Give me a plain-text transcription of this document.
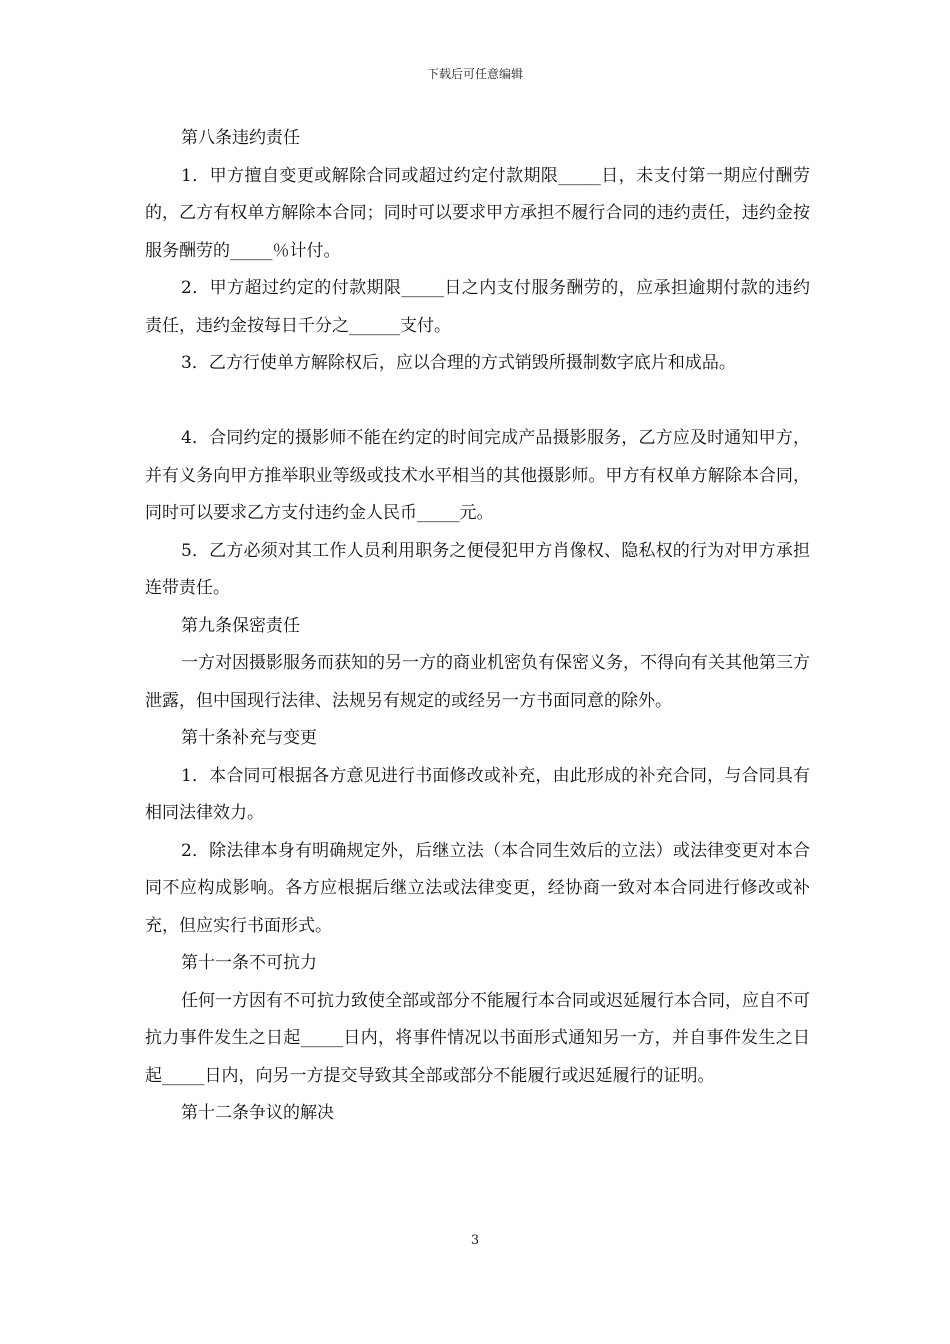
下载后可任意编辑

第八条违约责任

1．甲方擅自变更或解除合同或超过约定付款期限_____日，未支付第一期应付酬劳的，乙方有权单方解除本合同；同时可以要求甲方承担不履行合同的违约责任，违约金按服务酬劳的_____％计付。

2．甲方超过约定的付款期限_____日之内支付服务酬劳的，应承担逾期付款的违约责任，违约金按每日千分之______支付。

3．乙方行使单方解除权后，应以合理的方式销毁所摄制数字底片和成品。

4．合同约定的摄影师不能在约定的时间完成产品摄影服务，乙方应及时通知甲方，并有义务向甲方推举职业等级或技术水平相当的其他摄影师。甲方有权单方解除本合同，同时可以要求乙方支付违约金人民币_____元。

5．乙方必须对其工作人员利用职务之便侵犯甲方肖像权、隐私权的行为对甲方承担连带责任。

第九条保密责任

一方对因摄影服务而获知的另一方的商业机密负有保密义务，不得向有关其他第三方泄露，但中国现行法律、法规另有规定的或经另一方书面同意的除外。

第十条补充与变更

1．本合同可根据各方意见进行书面修改或补充，由此形成的补充合同，与合同具有相同法律效力。

2．除法律本身有明确规定外，后继立法（本合同生效后的立法）或法律变更对本合同不应构成影响。各方应根据后继立法或法律变更，经协商一致对本合同进行修改或补充，但应实行书面形式。

第十一条不可抗力

任何一方因有不可抗力致使全部或部分不能履行本合同或迟延履行本合同，应自不可抗力事件发生之日起_____日内，将事件情况以书面形式通知另一方，并自事件发生之日起_____日内，向另一方提交导致其全部或部分不能履行或迟延履行的证明。

第十二条争议的解决

3
